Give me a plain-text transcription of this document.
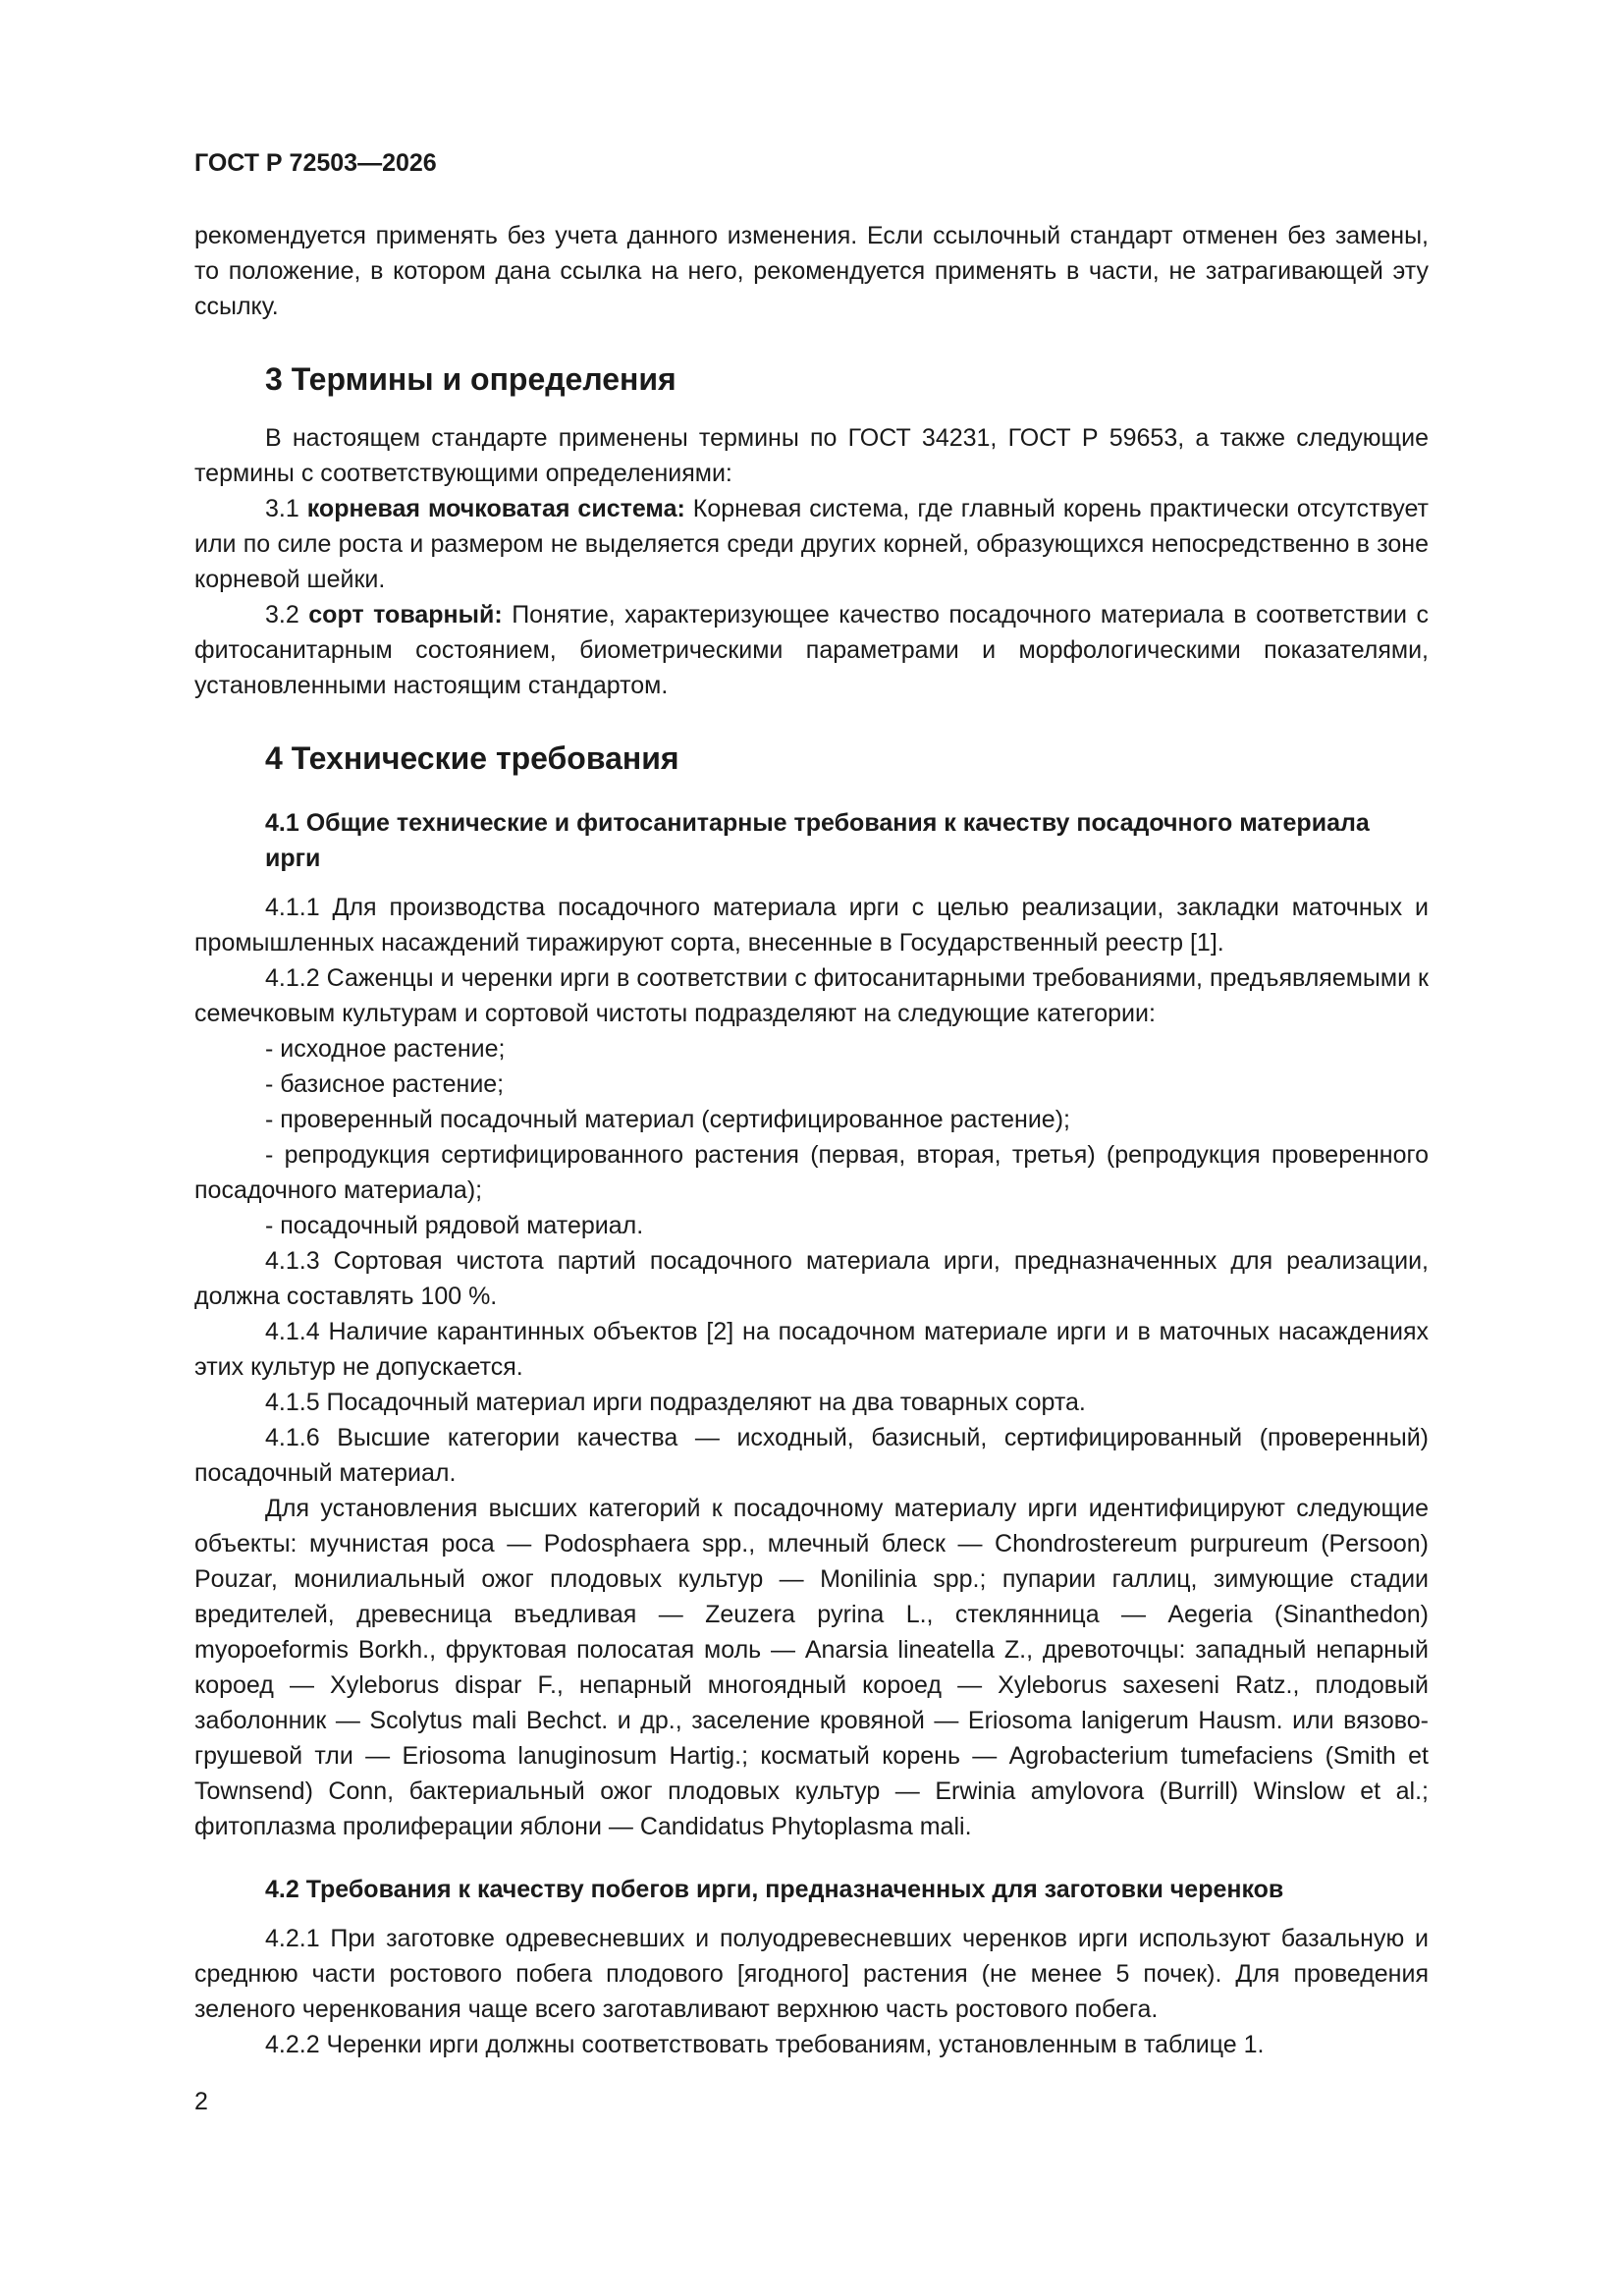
ГОСТ Р 72503—2026

рекомендуется применять без учета данного изменения. Если ссылочный стандарт отменен без замены, то положение, в котором дана ссылка на него, рекомендуется применять в части, не затрагивающей эту ссылку.

3 Термины и определения

В настоящем стандарте применены термины по ГОСТ 34231, ГОСТ Р 59653, а также следующие термины с соответствующими определениями:

3.1 корневая мочковатая система: Корневая система, где главный корень практически отсутствует или по силе роста и размером не выделяется среди других корней, образующихся непосредственно в зоне корневой шейки.

3.2 сорт товарный: Понятие, характеризующее качество посадочного материала в соответствии с фитосанитарным состоянием, биометрическими параметрами и морфологическими показателями, установленными настоящим стандартом.

4 Технические требования
4.1 Общие технические и фитосанитарные требования к качеству посадочного материала ирги

4.1.1 Для производства посадочного материала ирги с целью реализации, закладки маточных и промышленных насаждений тиражируют сорта, внесенные в Государственный реестр [1].

4.1.2 Саженцы и черенки ирги в соответствии с фитосанитарными требованиями, предъявляемыми к семечковым культурам и сортовой чистоты подразделяют на следующие категории:

- исходное растение;

- базисное растение;

- проверенный посадочный материал (сертифицированное растение);

- репродукция сертифицированного растения (первая, вторая, третья) (репродукция проверенного посадочного материала);

- посадочный рядовой материал.

4.1.3 Сортовая чистота партий посадочного материала ирги, предназначенных для реализации, должна составлять 100 %.

4.1.4 Наличие карантинных объектов [2] на посадочном материале ирги и в маточных насаждениях этих культур не допускается.

4.1.5 Посадочный материал ирги подразделяют на два товарных сорта.

4.1.6 Высшие категории качества — исходный, базисный, сертифицированный (проверенный) посадочный материал.

Для установления высших категорий к посадочному материалу ирги идентифицируют следующие объекты: мучнистая роса — Podosphaera spp., млечный блеск — Chondrostereum purpureum (Persoon) Pouzar, монилиальный ожог плодовых культур — Monilinia spp.; пупарии галлиц, зимующие стадии вредителей, древесница въедливая — Zeuzera pyrina L., стеклянница — Aegeria (Sinanthedon) myopoeformis Borkh., фруктовая полосатая моль — Anarsia lineatella Z., древоточцы: западный непарный короед — Xyleborus dispar F., непарный многоядный короед — Xyleborus saxeseni Ratz., плодовый заболонник — Scolytus mali Bechct. и др., заселение кровяной — Eriosoma lanigerum Hausm. или вязово-грушевой тли — Eriosoma lanuginosum Hartig.; косматый корень — Agrobacterium tumefaciens (Smith et Townsend) Conn, бактериальный ожог плодовых культур — Erwinia amylovora (Burrill) Winslow et al.; фитоплазма пролиферации яблони — Candidatus Phytoplasma mali.

4.2 Требования к качеству побегов ирги, предназначенных для заготовки черенков

4.2.1 При заготовке одревесневших и полуодревесневших черенков ирги используют базальную и среднюю части ростового побега плодового [ягодного] растения (не менее 5 почек). Для проведения зеленого черенкования чаще всего заготавливают верхнюю часть ростового побега.

4.2.2 Черенки ирги должны соответствовать требованиям, установленным в таблице 1.

2
